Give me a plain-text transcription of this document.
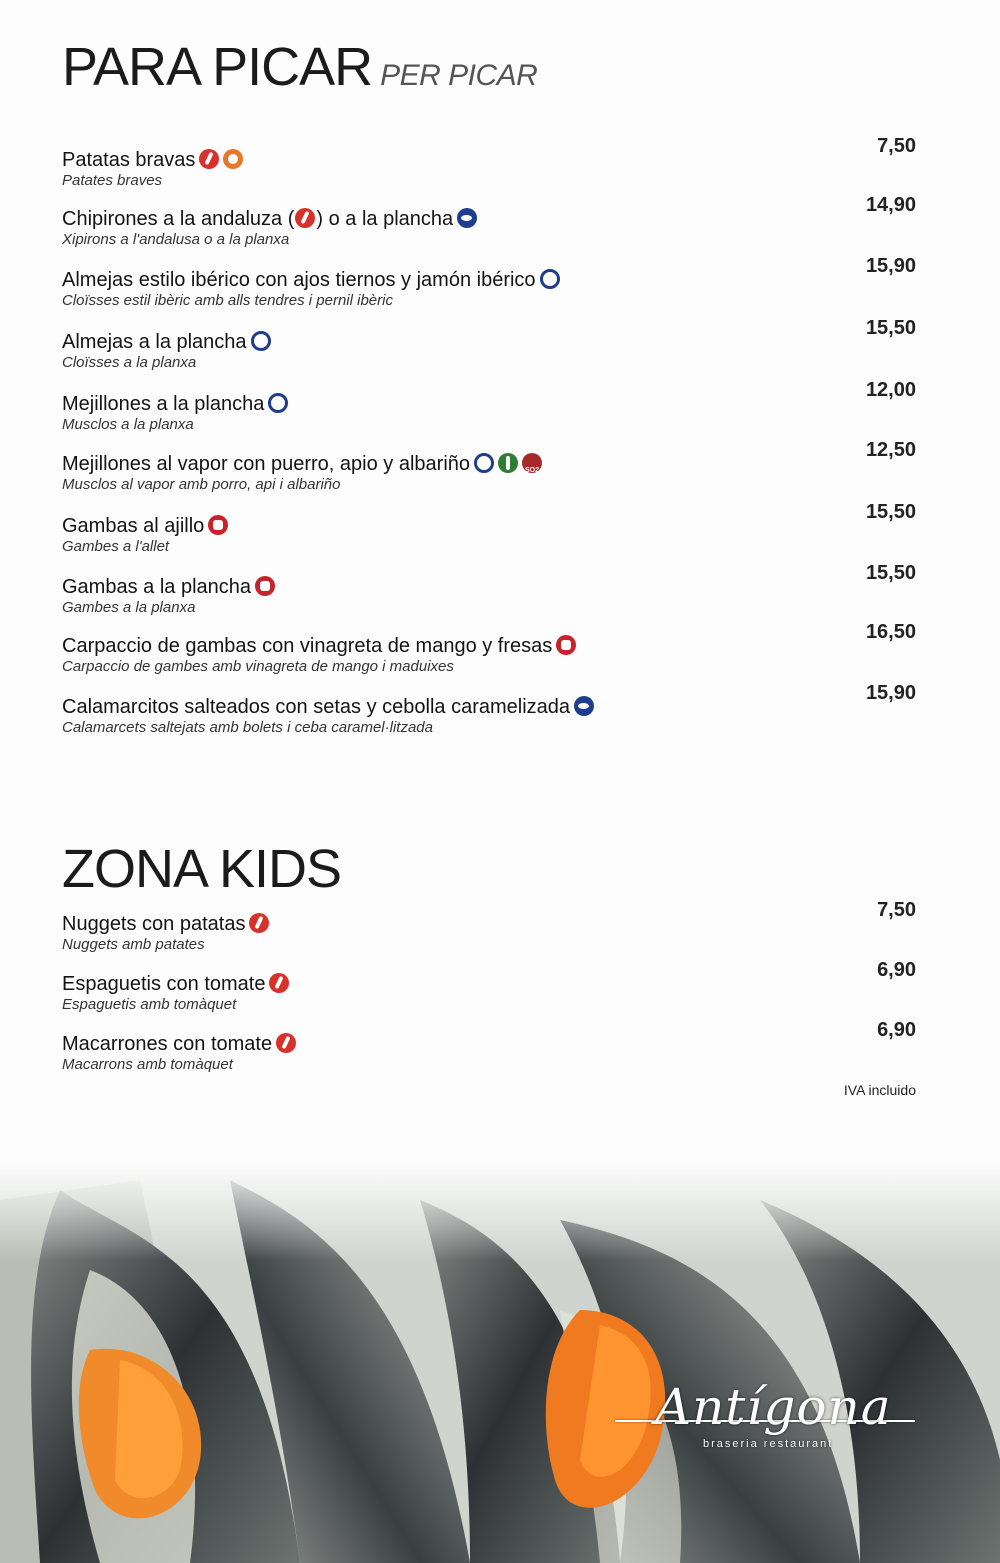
PARA PICAR PER PICAR
Patatas bravas
Patates braves
7,50
Chipirones a la andaluza ( ) o a la plancha
Xipirons a l'andalusa o a la planxa
14,90
Almejas estilo ibérico con ajos tiernos y jamón ibérico
Cloïsses estil ibèric amb alls tendres i pernil ibèric
15,90
Almejas a la plancha
Cloïsses a la planxa
15,50
Mejillones a la plancha
Musclos a la planxa
12,00
Mejillones al vapor con puerro, apio y albariñoSO2
Musclos al vapor amb porro, api i albariño
12,50
Gambas al ajillo
Gambes a l'allet
15,50
Gambas a la plancha
Gambes a la planxa
15,50
Carpaccio de gambas con vinagreta de mango y fresas
Carpaccio de gambes amb vinagreta de mango i maduixes
16,50
Calamarcitos salteados con setas y cebolla caramelizada
Calamarcets saltejats amb bolets i ceba caramel·litzada
15,90
ZONA KIDS
Nuggets con patatas
Nuggets amb patates
7,50
Espaguetis con tomate
Espaguetis amb tomàquet
6,90
Macarrones con tomate
Macarrons amb tomàquet
6,90
IVA incluido
Antígona
braseria restaurant
